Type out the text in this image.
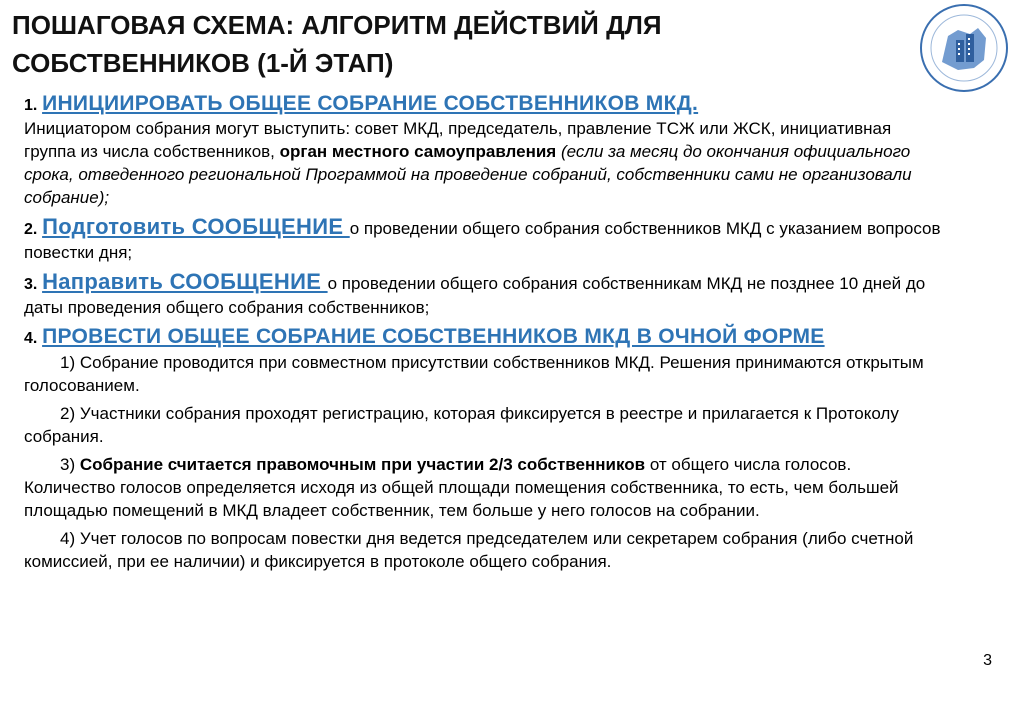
ПОШАГОВАЯ СХЕМА: АЛГОРИТМ ДЕЙСТВИЙ ДЛЯ
СОБСТВЕННИКОВ (1-Й ЭТАП)
1. ИНИЦИИРОВАТЬ ОБЩЕЕ СОБРАНИЕ СОБСТВЕННИКОВ МКД.
Инициатором собрания могут выступить: совет МКД, председатель, правление ТСЖ или ЖСК, инициативная группа из числа собственников, орган местного самоуправления (если за месяц до окончания официального срока, отведенного региональной Программой на проведение собраний, собственники сами не организовали собрание);
2. Подготовить СООБЩЕНИЕ о проведении общего собрания собственников МКД с указанием вопросов повестки дня;
3. Направить СООБЩЕНИЕ о проведении общего собрания собственникам МКД не позднее 10 дней до даты проведения общего собрания собственников;
4. ПРОВЕСТИ ОБЩЕЕ СОБРАНИЕ СОБСТВЕННИКОВ МКД В ОЧНОЙ ФОРМЕ
1) Собрание проводится при совместном присутствии собственников МКД. Решения принимаются открытым голосованием.
2) Участники собрания проходят регистрацию, которая фиксируется в реестре и прилагается к Протоколу собрания.
3) Собрание считается правомочным при участии 2/3 собственников от общего числа голосов. Количество голосов определяется исходя из общей площади помещения собственника, то есть, чем большей площадью помещений в МКД владеет собственник, тем больше у него голосов на собрании.
4) Учет голосов по вопросам повестки дня ведется председателем или секретарем собрания (либо счетной комиссией, при ее наличии) и фиксируется в протоколе общего собрания.
3
